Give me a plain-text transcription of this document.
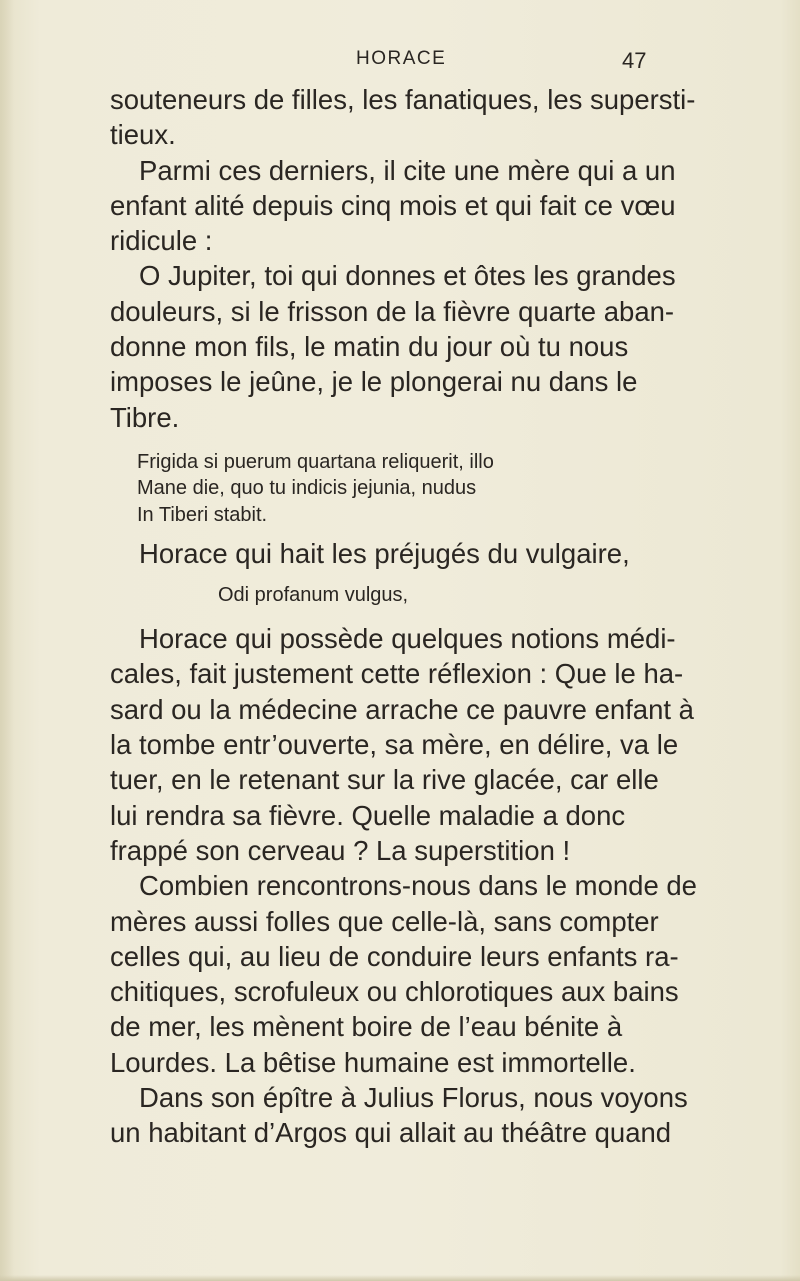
HORACE	47

souteneurs de filles, les fanatiques, les supersti-
tieux.

Parmi ces derniers, il cite une mère qui a un
enfant alité depuis cinq mois et qui fait ce vœu
ridicule :

O Jupiter, toi qui donnes et ôtes les grandes
douleurs, si le frisson de la fièvre quarte aban-
donne mon fils, le matin du jour où tu nous
imposes le jeûne, je le plongerai nu dans le
Tibre.

Frigida si puerum quartana reliquerit, illo
Mane die, quo tu indicis jejunia, nudus
In Tiberi stabit.

Horace qui hait les préjugés du vulgaire,

Odi profanum vulgus,

Horace qui possède quelques notions médi-
cales, fait justement cette réflexion : Que le ha-
sard ou la médecine arrache ce pauvre enfant à
la tombe entr’ouverte, sa mère, en délire, va le
tuer, en le retenant sur la rive glacée, car elle
lui rendra sa fièvre. Quelle maladie a donc
frappé son cerveau ? La superstition !

Combien rencontrons-nous dans le monde de
mères aussi folles que celle-là, sans compter
celles qui, au lieu de conduire leurs enfants ra-
chitiques, scrofuleux ou chlorotiques aux bains
de mer, les mènent boire de l’eau bénite à
Lourdes. La bêtise humaine est immortelle.

Dans son épître à Julius Florus, nous voyons
un habitant d’Argos qui allait au théâtre quand
